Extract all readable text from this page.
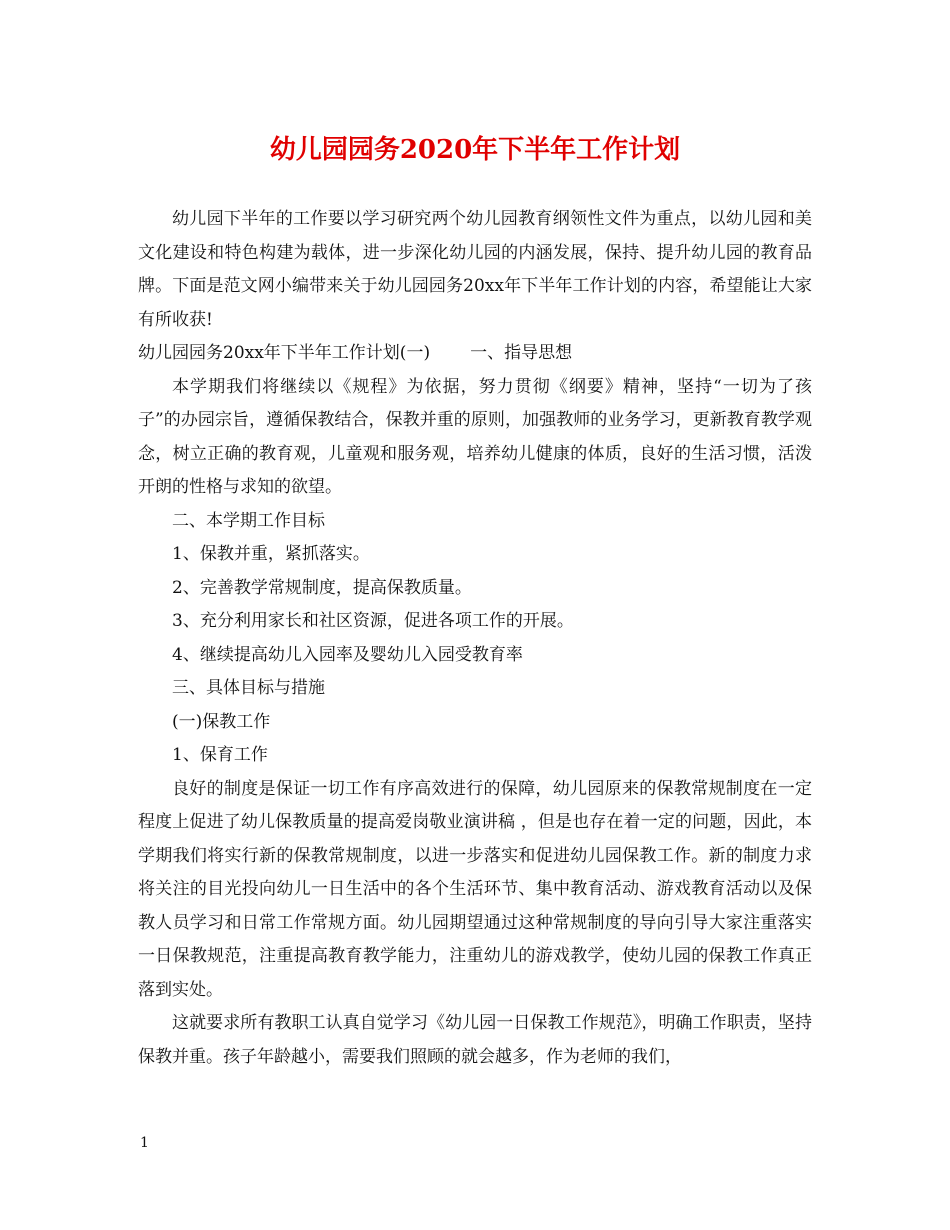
幼儿园园务2020年下半年工作计划

幼儿园下半年的工作要以学习研究两个幼儿园教育纲领性文件为重点，以幼儿园和美文化建设和特色构建为载体，进一步深化幼儿园的内涵发展，保持、提升幼儿园的教育品牌。下面是范文网小编带来关于幼儿园园务20xx年下半年工作计划的内容，希望能让大家有所收获!

幼儿园园务20xx年下半年工作计划(一) 一、指导思想

本学期我们将继续以《规程》为依据，努力贯彻《纲要》精神，坚持“一切为了孩子”的办园宗旨，遵循保教结合，保教并重的原则，加强教师的业务学习，更新教育教学观念，树立正确的教育观，儿童观和服务观，培养幼儿健康的体质，良好的生活习惯，活泼开朗的性格与求知的欲望。

二、本学期工作目标

1、保教并重，紧抓落实。

2、完善教学常规制度，提高保教质量。

3、充分利用家长和社区资源，促进各项工作的开展。

4、继续提高幼儿入园率及婴幼儿入园受教育率

三、具体目标与措施

(一)保教工作

1、保育工作

良好的制度是保证一切工作有序高效进行的保障，幼儿园原来的保教常规制度在一定程度上促进了幼儿保教质量的提高爱岗敬业演讲稿 ，但是也存在着一定的问题，因此，本学期我们将实行新的保教常规制度，以进一步落实和促进幼儿园保教工作。新的制度力求将关注的目光投向幼儿一日生活中的各个生活环节、集中教育活动、游戏教育活动以及保教人员学习和日常工作常规方面。幼儿园期望通过这种常规制度的导向引导大家注重落实一日保教规范，注重提高教育教学能力，注重幼儿的游戏教学，使幼儿园的保教工作真正落到实处。

这就要求所有教职工认真自觉学习《幼儿园一日保教工作规范》，明确工作职责，坚持保教并重。孩子年龄越小，需要我们照顾的就会越多，作为老师的我们，

1
